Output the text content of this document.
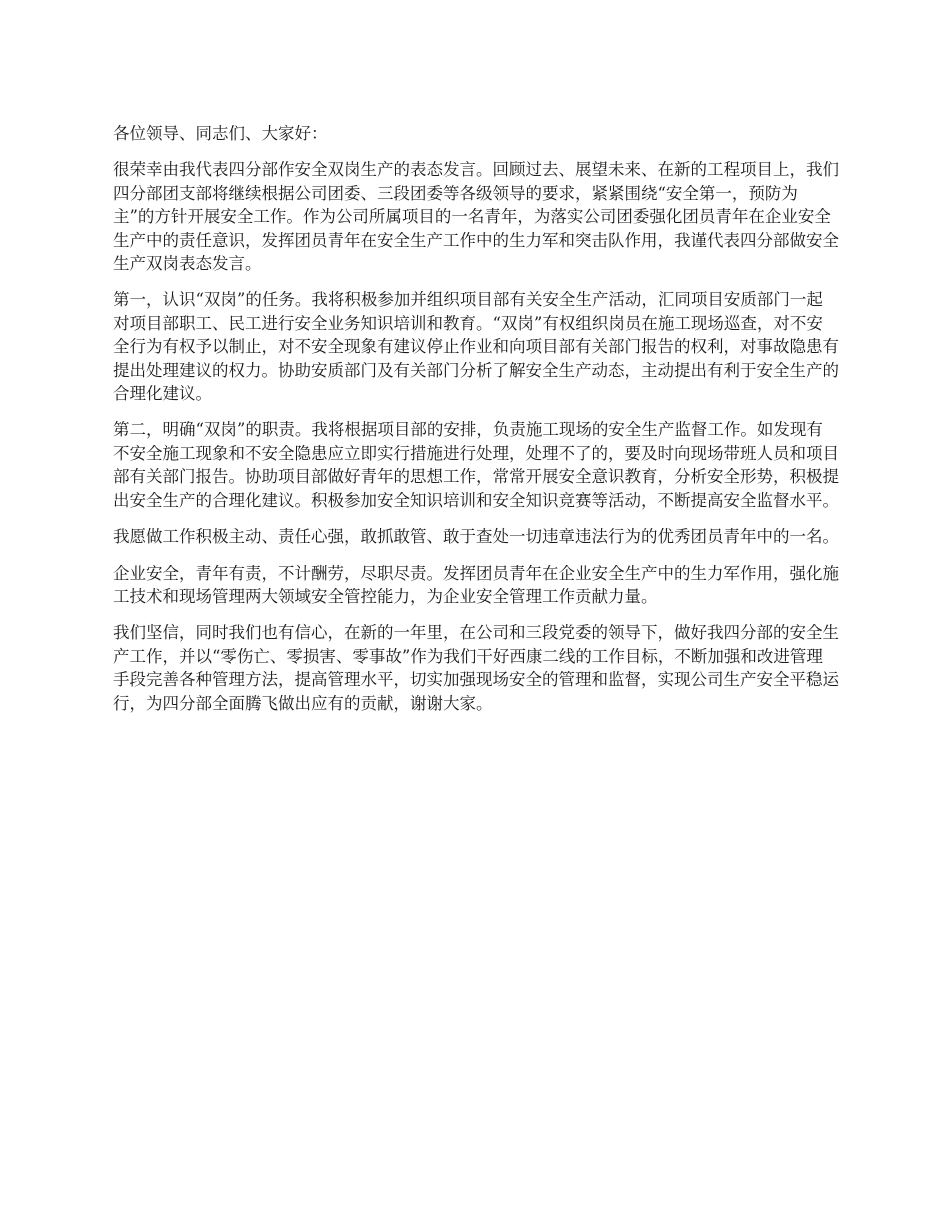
各位领导、同志们、大家好：

很荣幸由我代表四分部作安全双岗生产的表态发言。回顾过去、展望未来、在新的工程项目上，我们四分部团支部将继续根据公司团委、三段团委等各级领导的要求，紧紧围绕“安全第一，预防为主”的方针开展安全工作。作为公司所属项目的一名青年，为落实公司团委强化团员青年在企业安全生产中的责任意识，发挥团员青年在安全生产工作中的生力军和突击队作用，我谨代表四分部做安全生产双岗表态发言。

第一，认识“双岗”的任务。我将积极参加并组织项目部有关安全生产活动，汇同项目安质部门一起对项目部职工、民工进行安全业务知识培训和教育。“双岗”有权组织岗员在施工现场巡查，对不安全行为有权予以制止，对不安全现象有建议停止作业和向项目部有关部门报告的权利，对事故隐患有提出处理建议的权力。协助安质部门及有关部门分析了解安全生产动态，主动提出有利于安全生产的合理化建议。

第二，明确“双岗”的职责。我将根据项目部的安排，负责施工现场的安全生产监督工作。如发现有不安全施工现象和不安全隐患应立即实行措施进行处理，处理不了的，要及时向现场带班人员和项目部有关部门报告。协助项目部做好青年的思想工作，常常开展安全意识教育，分析安全形势，积极提出安全生产的合理化建议。积极参加安全知识培训和安全知识竞赛等活动，不断提高安全监督水平。

我愿做工作积极主动、责任心强，敢抓敢管、敢于查处一切违章违法行为的优秀团员青年中的一名。

企业安全，青年有责，不计酬劳，尽职尽责。发挥团员青年在企业安全生产中的生力军作用，强化施工技术和现场管理两大领域安全管控能力，为企业安全管理工作贡献力量。

我们坚信，同时我们也有信心，在新的一年里，在公司和三段党委的领导下，做好我四分部的安全生产工作，并以“零伤亡、零损害、零事故”作为我们干好西康二线的工作目标，不断加强和改进管理手段完善各种管理方法，提高管理水平，切实加强现场安全的管理和监督，实现公司生产安全平稳运行，为四分部全面腾飞做出应有的贡献，谢谢大家。
